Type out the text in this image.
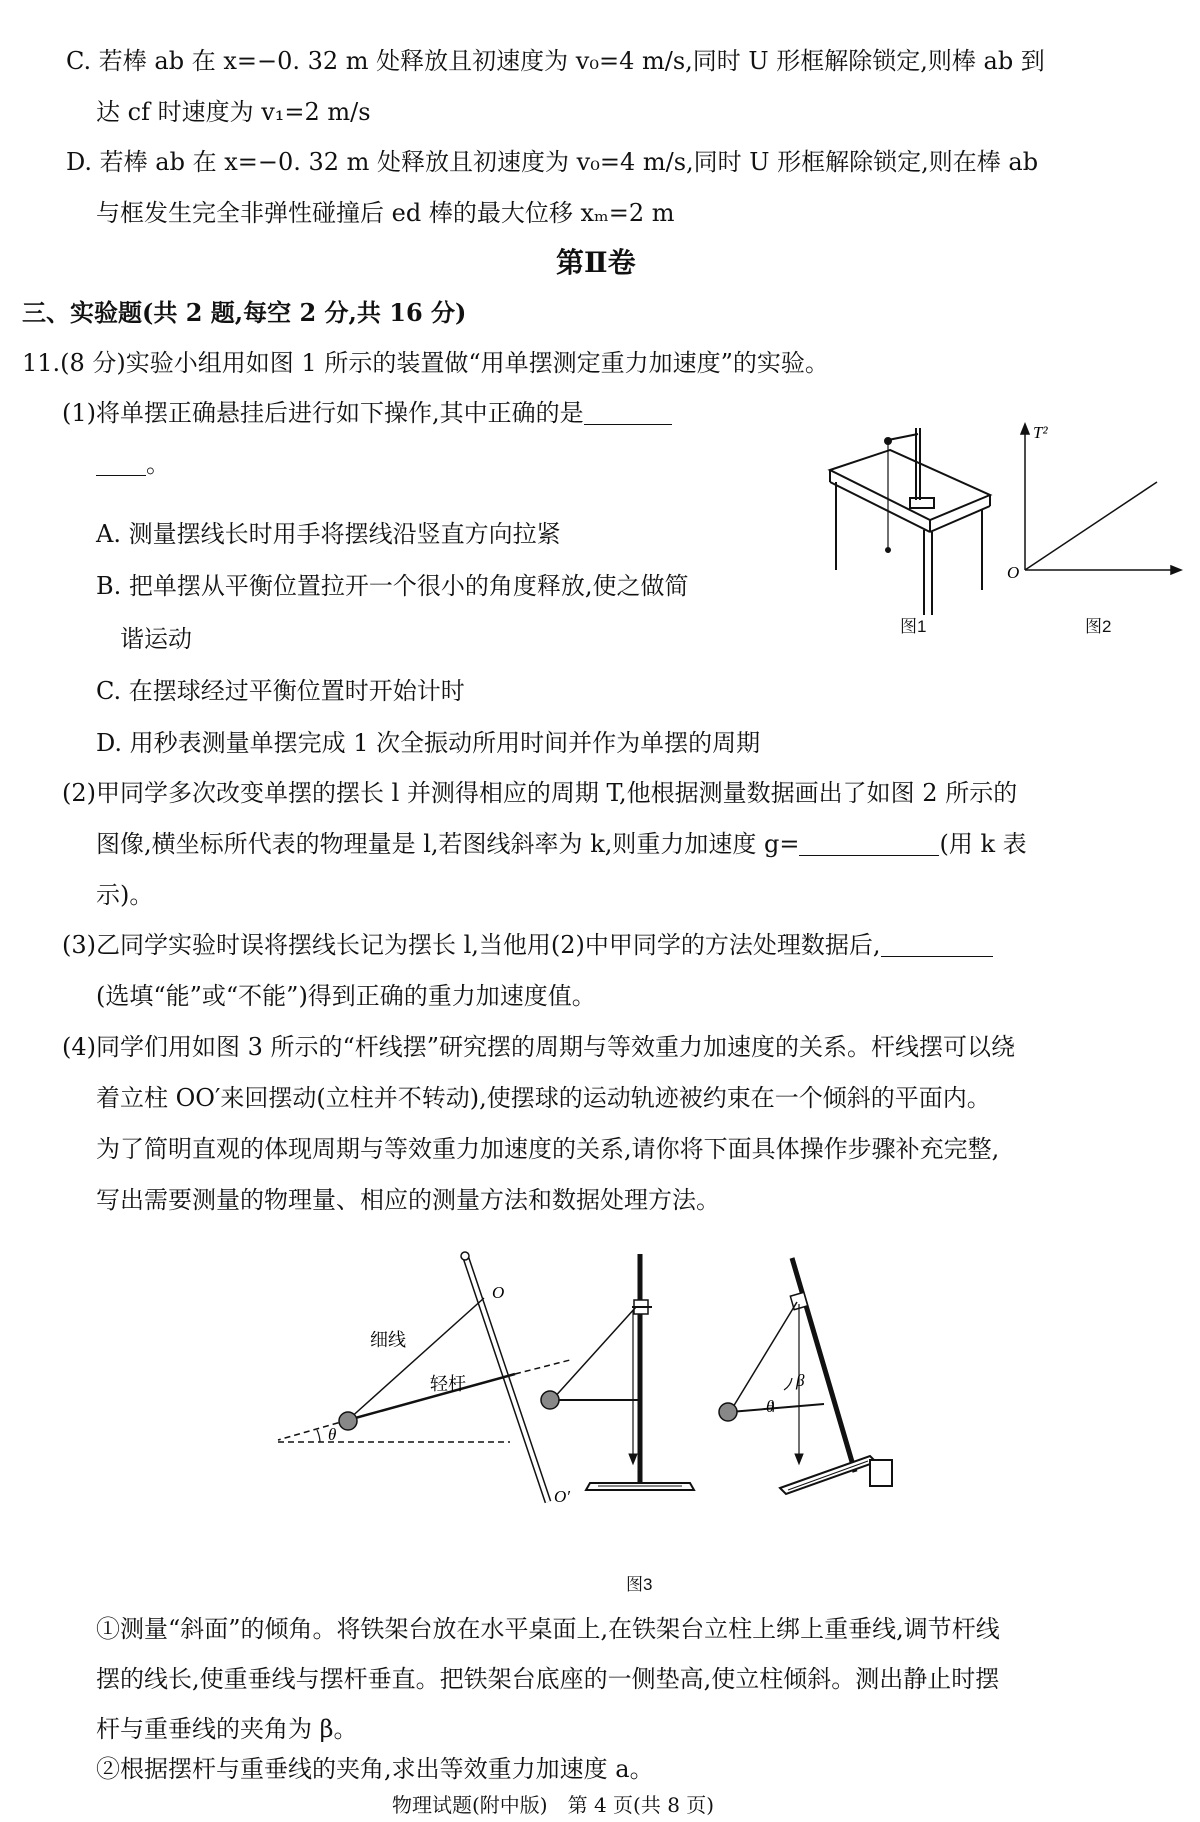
C. 若棒 ab 在 x=−0. 32 m 处释放且初速度为 v₀=4 m/s,同时 U 形框解除锁定,则棒 ab 到
达 cf 时速度为 v₁=2 m/s
D. 若棒 ab 在 x=−0. 32 m 处释放且初速度为 v₀=4 m/s,同时 U 形框解除锁定,则在棒 ab
与框发生完全非弹性碰撞后 ed 棒的最大位移 xₘ=2 m
第Ⅱ卷
三、实验题(共 2 题,每空 2 分,共 16 分)
11.(8 分)实验小组用如图 1 所示的装置做“用单摆测定重力加速度”的实验。
(1)将单摆正确悬挂后进行如下操作,其中正确的是
。
A. 测量摆线长时用手将摆线沿竖直方向拉紧
B. 把单摆从平衡位置拉开一个很小的角度释放,使之做简
谐运动
C. 在摆球经过平衡位置时开始计时
D. 用秒表测量单摆完成 1 次全振动所用时间并作为单摆的周期
(2)甲同学多次改变单摆的摆长 l 并测得相应的周期 T,他根据测量数据画出了如图 2 所示的
图像,横坐标所代表的物理量是 l,若图线斜率为 k,则重力加速度 g=	(用 k 表
示)。
(3)乙同学实验时误将摆线长记为摆长 l,当他用(2)中甲同学的方法处理数据后,
(选填“能”或“不能”)得到正确的重力加速度值。
(4)同学们用如图 3 所示的“杆线摆”研究摆的周期与等效重力加速度的关系。杆线摆可以绕
着立柱 OO′来回摆动(立柱并不转动),使摆球的运动轨迹被约束在一个倾斜的平面内。
为了简明直观的体现周期与等效重力加速度的关系,请你将下面具体操作步骤补充完整,
写出需要测量的物理量、相应的测量方法和数据处理方法。
图1
T²
O
图2
O
O′
细线
轻杆
θ
β
θ
图3
①测量“斜面”的倾角。将铁架台放在水平桌面上,在铁架台立柱上绑上重垂线,调节杆线
摆的线长,使重垂线与摆杆垂直。把铁架台底座的一侧垫高,使立柱倾斜。测出静止时摆
杆与重垂线的夹角为 β。
②根据摆杆与重垂线的夹角,求出等效重力加速度 a。
物理试题(附中版)　第 4 页(共 8 页)
